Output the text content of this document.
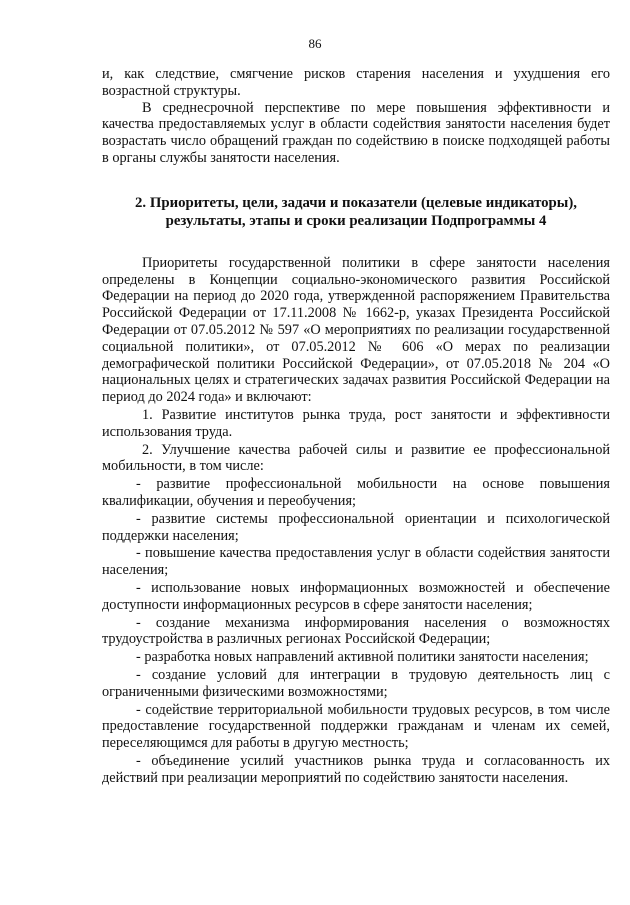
86

и, как следствие, смягчение рисков старения населения и ухудшения его возрастной структуры.

В среднесрочной перспективе по мере повышения эффективности и качества предоставляемых услуг в области содействия занятости населения будет возрастать число обращений граждан по содействию в поиске подходящей работы в органы службы занятости населения.

2. Приоритеты, цели, задачи и показатели (целевые индикаторы),
результаты, этапы и сроки реализации Подпрограммы 4

Приоритеты государственной политики в сфере занятости населения определены в Концепции социально-экономического развития Российской Федерации на период до 2020 года, утвержденной распоряжением Правительства Российской Федерации от 17.11.2008 № 1662-р, указах Президента Российской Федерации от 07.05.2012 № 597 «О мероприятиях по реализации государственной социальной политики», от 07.05.2012 № 606 «О мерах по реализации демографической политики Российской Федерации», от 07.05.2018 № 204 «О национальных целях и стратегических задачах развития Российской Федерации на период до 2024 года» и включают:

1. Развитие институтов рынка труда, рост занятости и эффективности использования труда.

2. Улучшение качества рабочей силы и развитие ее профессиональной мобильности, в том числе:

- развитие профессиональной мобильности на основе повышения квалификации, обучения и переобучения;

- развитие системы профессиональной ориентации и психологической поддержки населения;

- повышение качества предоставления услуг в области содействия занятости населения;

- использование новых информационных возможностей и обеспечение доступности информационных ресурсов в сфере занятости населения;

- создание механизма информирования населения о возможностях трудоустройства в различных регионах Российской Федерации;

- разработка новых направлений активной политики занятости населения;

- создание условий для интеграции в трудовую деятельность лиц с ограниченными физическими возможностями;

- содействие территориальной мобильности трудовых ресурсов, в том числе предоставление государственной поддержки гражданам и членам их семей, переселяющимся для работы в другую местность;

- объединение усилий участников рынка труда и согласованность их действий при реализации мероприятий по содействию занятости населения.
